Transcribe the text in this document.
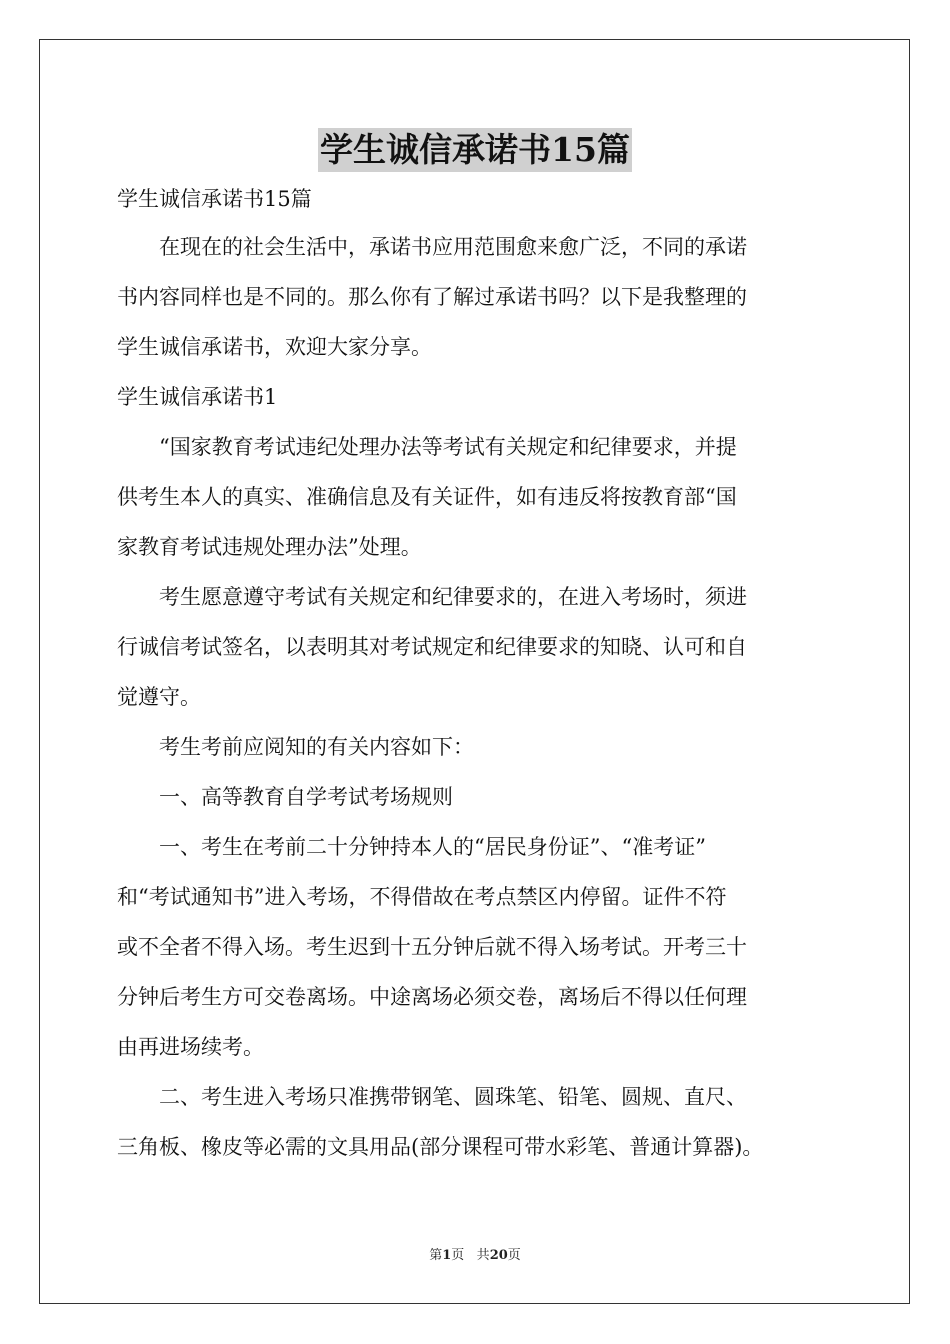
学生诚信承诺书15篇
学生诚信承诺书15篇
　　在现在的社会生活中，承诺书应用范围愈来愈广泛，不同的承诺
书内容同样也是不同的。那么你有了解过承诺书吗？以下是我整理的
学生诚信承诺书，欢迎大家分享。
学生诚信承诺书1
　　“国家教育考试违纪处理办法等考试有关规定和纪律要求，并提
供考生本人的真实、准确信息及有关证件，如有违反将按教育部“国
家教育考试违规处理办法”处理。
　　考生愿意遵守考试有关规定和纪律要求的，在进入考场时，须进
行诚信考试签名，以表明其对考试规定和纪律要求的知晓、认可和自
觉遵守。
　　考生考前应阅知的有关内容如下：
　　一、高等教育自学考试考场规则
　　一、考生在考前二十分钟持本人的“居民身份证”、“准考证”
和“考试通知书”进入考场，不得借故在考点禁区内停留。证件不符
或不全者不得入场。考生迟到十五分钟后就不得入场考试。开考三十
分钟后考生方可交卷离场。中途离场必须交卷，离场后不得以任何理
由再进场续考。
　　二、考生进入考场只准携带钢笔、圆珠笔、铅笔、圆规、直尺、
三角板、橡皮等必需的文具用品(部分课程可带水彩笔、普通计算器)。
第1页 共20页
